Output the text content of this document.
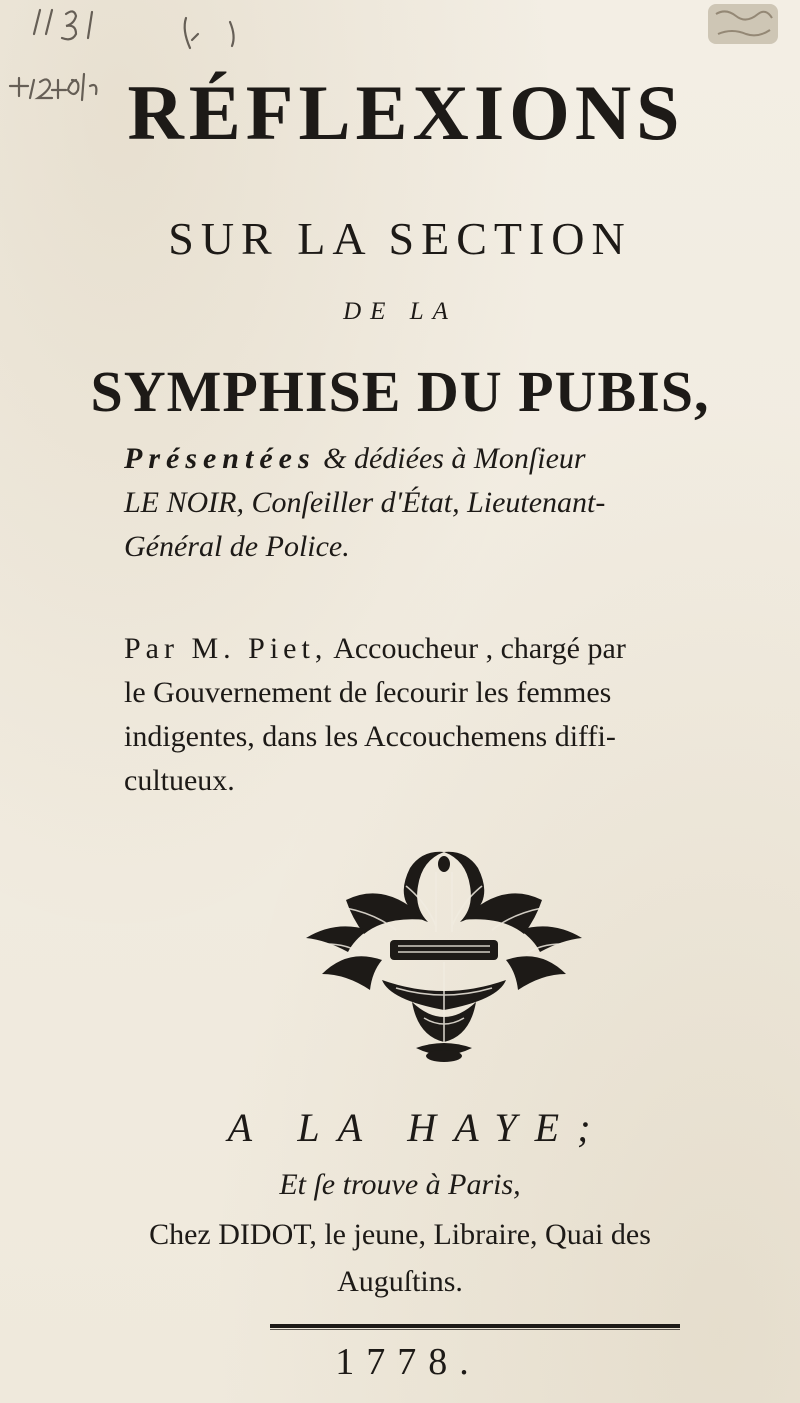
RÉFLEXIONS
SUR LA SECTION
DE LA
SYMPHISE DU PUBIS,
Présentées & dédiées à Monſieur
LE NOIR, Conſeiller d'État, Lieutenant-
Général de Police.
Par M. Piet, Accoucheur , chargé par
le Gouvernement de ſecourir les femmes
indigentes, dans les Accouchemens diffi-
cultueux.
A LA HAYE;
Et ſe trouve à Paris,
Chez DIDOT, le jeune, Libraire, Quai des
Auguſtins.
1778.
